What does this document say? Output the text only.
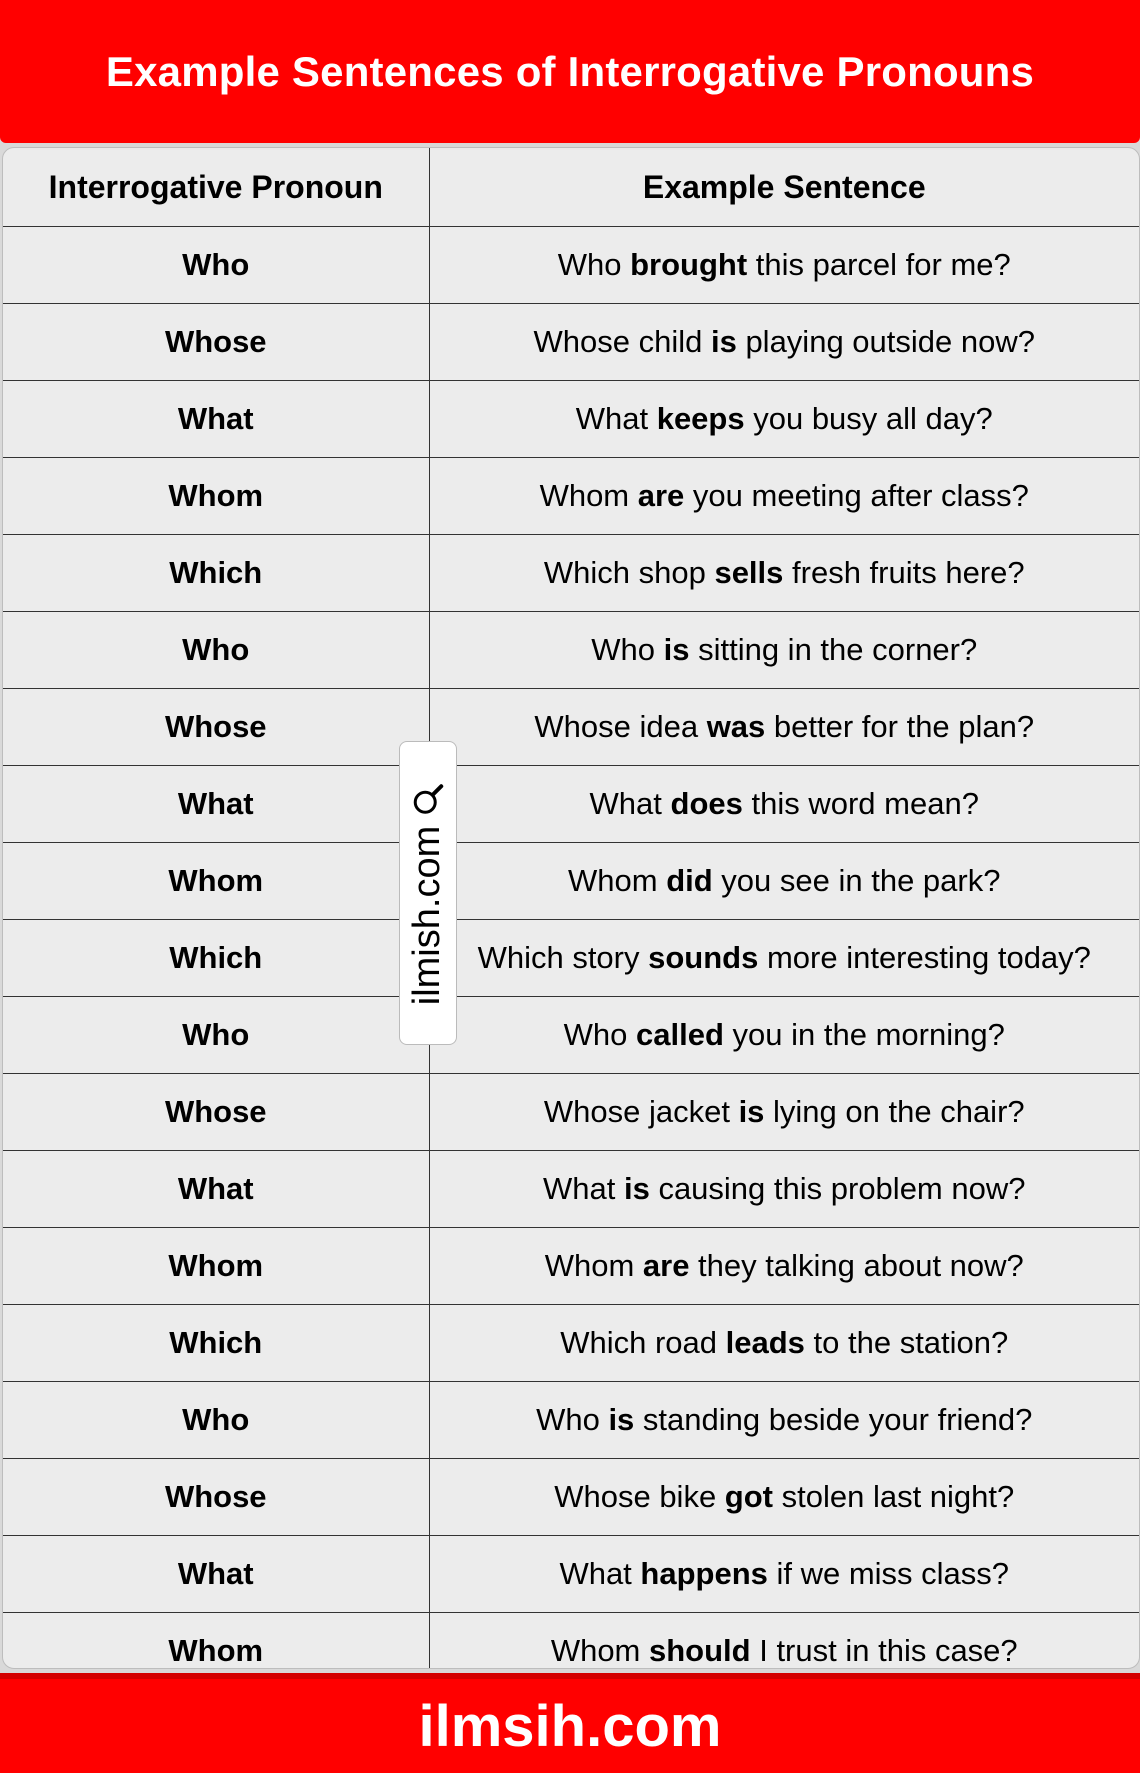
Example Sentences of Interrogative Pronouns
Interrogative Pronoun	Example Sentence
Who	Who brought this parcel for me?
Whose	Whose child is playing outside now?
What	What keeps you busy all day?
Whom	Whom are you meeting after class?
Which	Which shop sells fresh fruits here?
Who	Who is sitting in the corner?
Whose	Whose idea was better for the plan?
What	What does this word mean?
Whom	Whom did you see in the park?
Which	Which story sounds more interesting today?
Who	Who called you in the morning?
Whose	Whose jacket is lying on the chair?
What	What is causing this problem now?
Whom	Whom are they talking about now?
Which	Which road leads to the station?
Who	Who is standing beside your friend?
Whose	Whose bike got stolen last night?
What	What happens if we miss class?
Whom	Whom should I trust in this case?
ilmish.com
ilmsih.com
